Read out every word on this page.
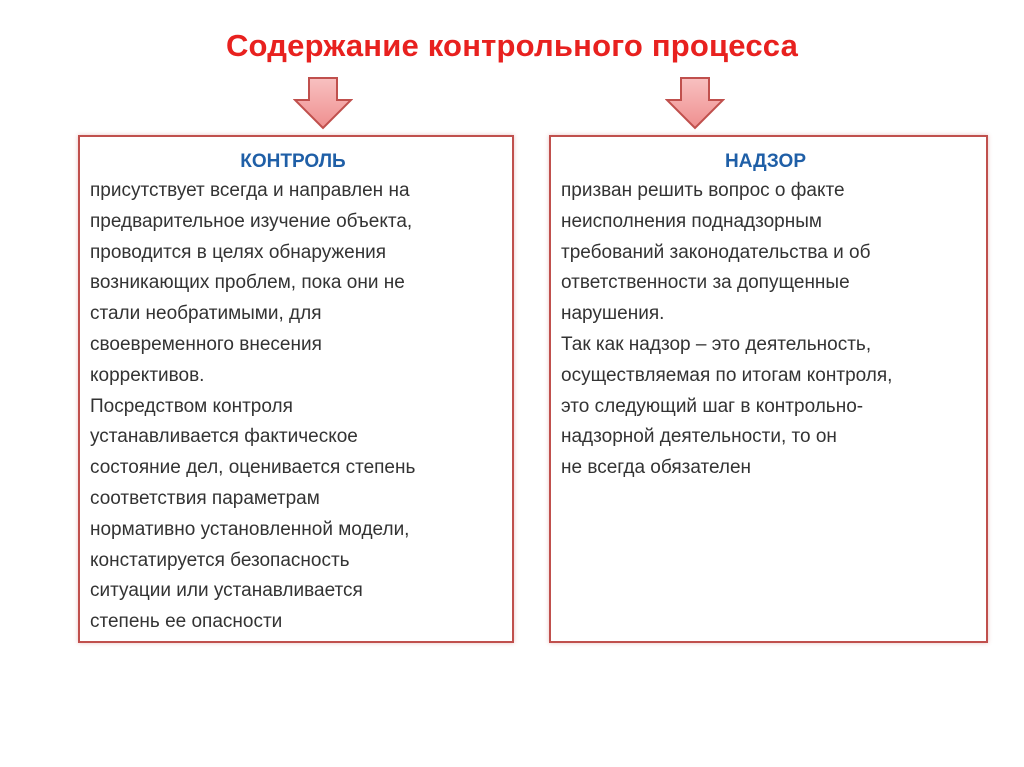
Содержание контрольного процесса
КОНТРОЛЬ

присутствует всегда и направлен на
предварительное изучение объекта,
проводится в целях обнаружения
возникающих проблем, пока они не
стали необратимыми, для
своевременного внесения
коррективов.

Посредством контроля
устанавливается фактическое
состояние дел, оценивается степень
соответствия параметрам
нормативно установленной модели,
констатируется безопасность
ситуации или устанавливается
степень ее опасности

НАДЗОР

призван решить вопрос о факте
неисполнения поднадзорным
требований законодательства и об
ответственности за допущенные
нарушения.

Так как надзор – это деятельность,
осуществляемая по итогам контроля,
это следующий шаг в контрольно-
надзорной деятельности, то он
не всегда обязателен
